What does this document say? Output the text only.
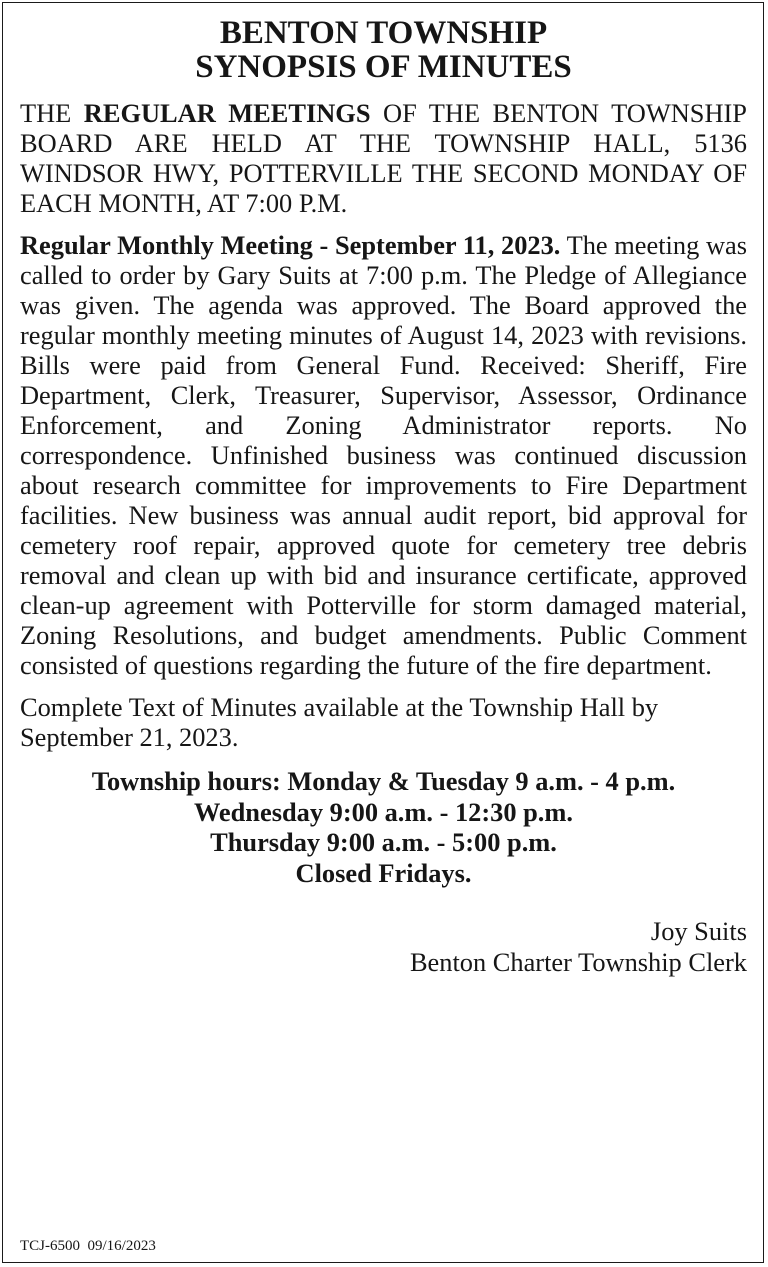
BENTON TOWNSHIP
SYNOPSIS OF MINUTES

THE REGULAR MEETINGS OF THE BENTON TOWNSHIP BOARD ARE HELD AT THE TOWNSHIP HALL, 5136 WINDSOR HWY, POTTERVILLE THE SECOND MONDAY OF EACH MONTH, AT 7:00 P.M.

Regular Monthly Meeting - September 11, 2023. The meeting was called to order by Gary Suits at 7:00 p.m. The Pledge of Allegiance was given. The agenda was approved. The Board approved the regular monthly meeting minutes of August 14, 2023 with revisions. Bills were paid from General Fund. Received: Sheriff, Fire Department, Clerk, Treasurer, Supervisor, Assessor, Ordinance Enforcement, and Zoning Administrator reports. No correspondence. Unfinished business was continued discussion about research committee for improvements to Fire Department facilities. New business was annual audit report, bid approval for cemetery roof repair, approved quote for cemetery tree debris removal and clean up with bid and insurance certificate, approved clean-up agreement with Potterville for storm damaged material, Zoning Resolutions, and budget amendments. Public Comment consisted of questions regarding the future of the fire department.

Complete Text of Minutes available at the Township Hall by September 21, 2023.

Township hours: Monday & Tuesday 9 a.m. - 4 p.m.
Wednesday 9:00 a.m. - 12:30 p.m.
Thursday 9:00 a.m. - 5:00 p.m.
Closed Fridays.
Joy Suits
Benton Charter Township Clerk
TCJ-6500  09/16/2023
